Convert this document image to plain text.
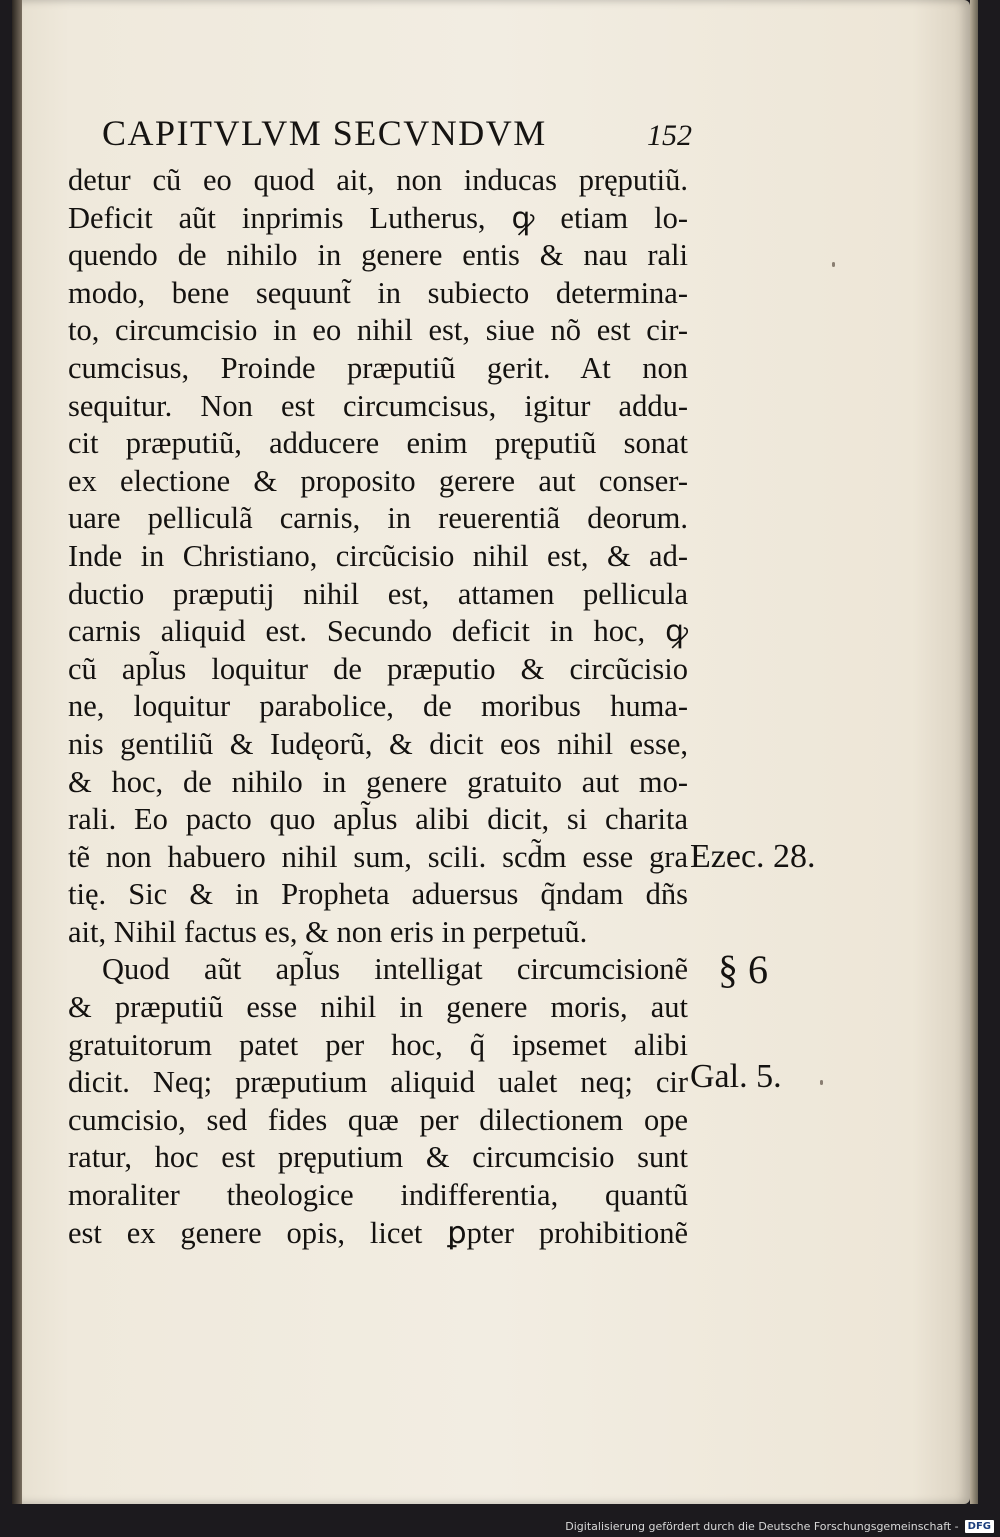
CAPITVLVM SECVNDVM	152
detur cũ eo quod ait, non inducas pręputiũ.
Deficit aũt inprimis Lutherus, ꝙ etiam lo-
quendo de nihilo in genere entis & nau rali
modo, bene sequunt̃ in subiecto determina-
to, circumcisio in eo nihil est, siue nõ est cir-
cumcisus, Proinde præputiũ gerit. At non
sequitur. Non est circumcisus, igitur addu-
cit præputiũ, adducere enim pręputiũ sonat
ex electione & proposito gerere aut conser-
uare pelliculã carnis, in reuerentiã deorum.
Inde in Christiano, circũcisio nihil est, & ad-
ductio præputij nihil est, attamen pellicula
carnis aliquid est. Secundo deficit in hoc, ꝙ
cũ apl̃us loquitur de præputio & circũcisio
ne, loquitur parabolice, de moribus huma-
nis gentiliũ & Iudęorũ, & dicit eos nihil esse,
& hoc, de nihilo in genere gratuito aut mo-
rali. Eo pacto quo apl̃us alibi dicit, si charita
tẽ non habuero nihil sum, scili. scd̃m esse gra
tię. Sic & in Propheta aduersus q̃ndam dñs
ait, Nihil factus es, & non eris in perpetuũ.
Quod aũt apl̃us intelligat circumcisionẽ
& præputiũ esse nihil in genere moris, aut
gratuitorum patet per hoc, q̃ ipsemet alibi
dicit. Neq; præputium aliquid ualet neq; cir
cumcisio, sed fides quæ per dilectionem ope
ratur, hoc est pręputium & circumcisio sunt
moraliter theologice indifferentia, quantũ
est ex genere opis, licet ꝑpter prohibitionẽ
Ezec. 28.
§ 6
Gal. 5.
Digitalisierung gefördert durch die Deutsche Forschungsgemeinschaft - DFG
